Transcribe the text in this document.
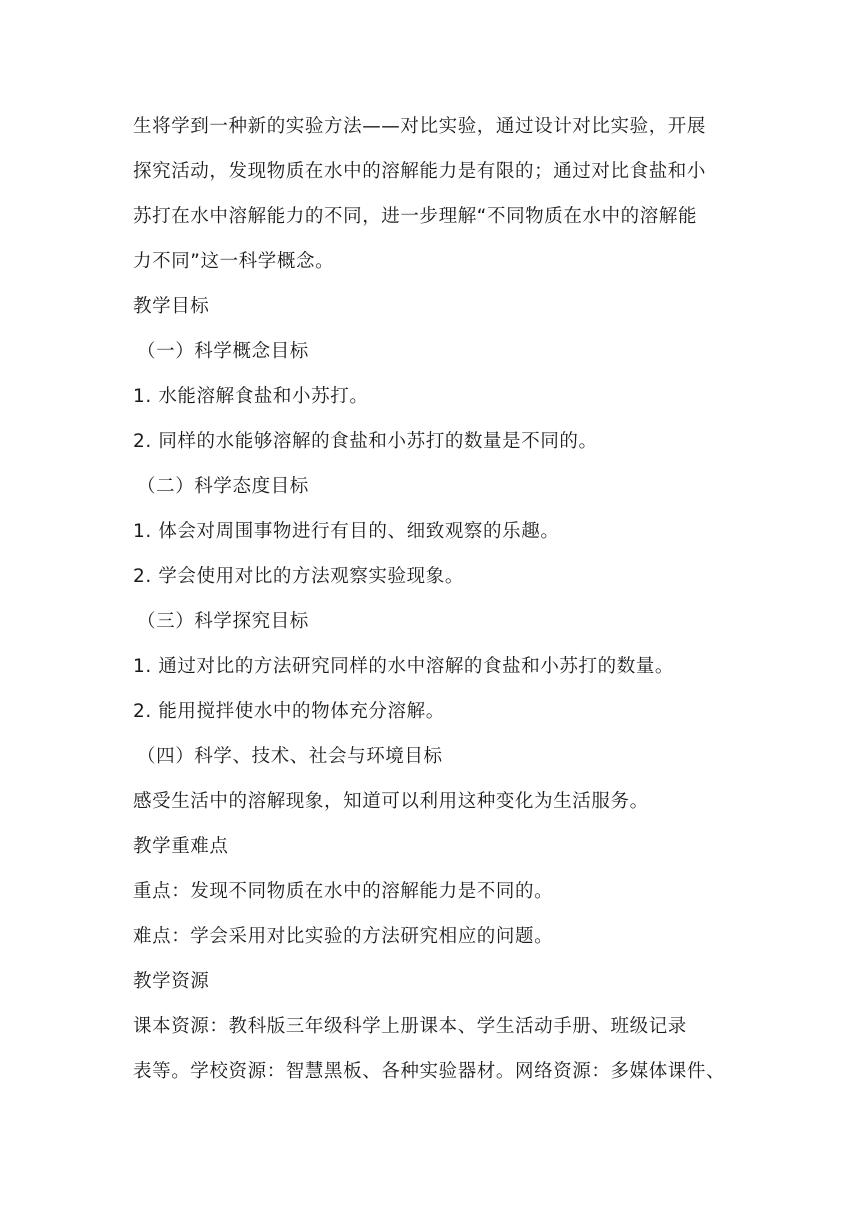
生将学到一种新的实验方法——对比实验，通过设计对比实验，开展
探究活动，发现物质在水中的溶解能力是有限的；通过对比食盐和小
苏打在水中溶解能力的不同，进一步理解“不同物质在水中的溶解能
力不同”这一科学概念。
教学目标
（一）科学概念目标
1. 水能溶解食盐和小苏打。
2. 同样的水能够溶解的食盐和小苏打的数量是不同的。
（二）科学态度目标
1. 体会对周围事物进行有目的、细致观察的乐趣。
2. 学会使用对比的方法观察实验现象。
（三）科学探究目标
1. 通过对比的方法研究同样的水中溶解的食盐和小苏打的数量。
2. 能用搅拌使水中的物体充分溶解。
（四）科学、技术、社会与环境目标
感受生活中的溶解现象，知道可以利用这种变化为生活服务。
教学重难点
重点：发现不同物质在水中的溶解能力是不同的。
难点：学会采用对比实验的方法研究相应的问题。
教学资源
课本资源：教科版三年级科学上册课本、学生活动手册、班级记录
表等。学校资源：智慧黑板、各种实验器材。网络资源：多媒体课件、
